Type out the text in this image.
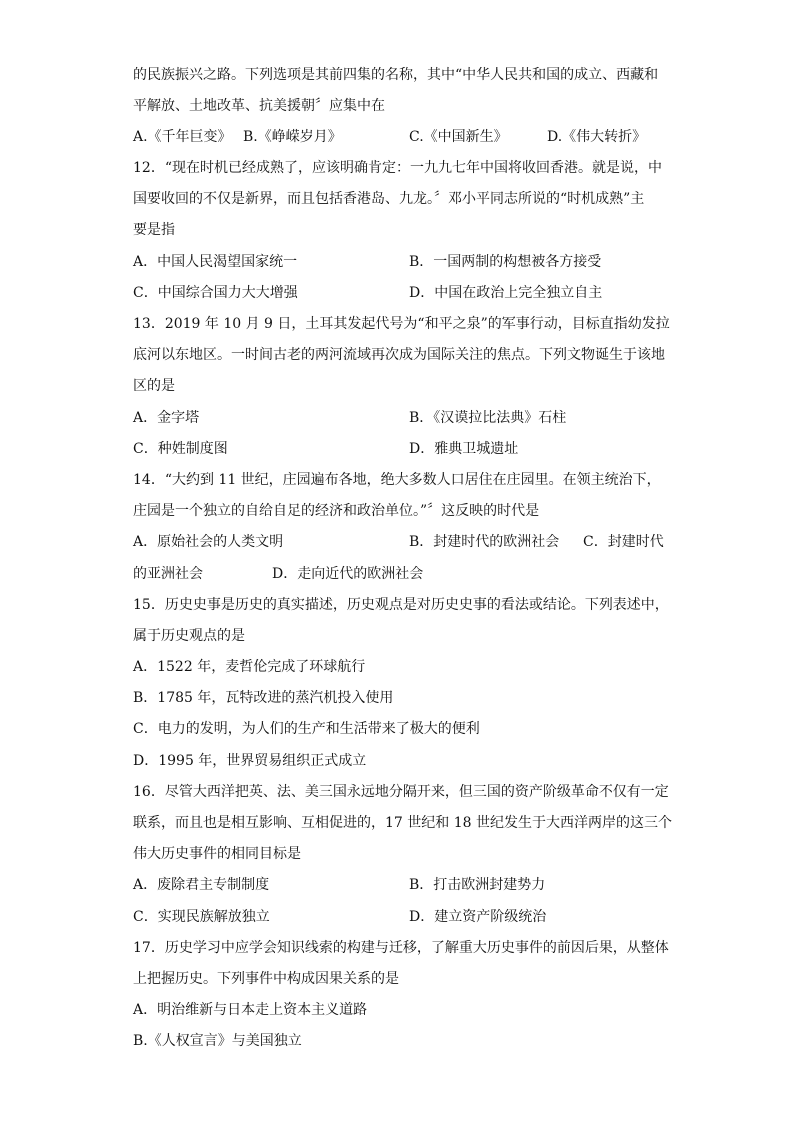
的民族振兴之路。下列选项是其前四集的名称，其中“中华人民共和国的成立、西藏和
平解放、土地改革、抗美援朝〞应集中在
A.《千年巨变》 B.《峥嵘岁月》	C.《中国新生》	D.《伟大转折》
12．“现在时机已经成熟了，应该明确肯定：一九九七年中国将收回香港。就是说，中
国要收回的不仅是新界，而且包括香港岛、九龙。〞邓小平同志所说的“时机成熟”主
要是指
A．中国人民渴望国家统一	B．一国两制的构想被各方接受
C．中国综合国力大大增强	D．中国在政治上完全独立自主
13．2019 年 10 月 9 日，土耳其发起代号为“和平之泉”的军事行动，目标直指幼发拉
底河以东地区。一时间古老的两河流域再次成为国际关注的焦点。下列文物诞生于该地
区的是
A．金字塔	B．《汉谟拉比法典》石柱
C．种姓制度图	D．雅典卫城遗址
14．“大约到 11 世纪，庄园遍布各地，绝大多数人口居住在庄园里。在领主统治下，
庄园是一个独立的自给自足的经济和政治单位。”〞这反映的时代是
A．原始社会的人类文明	B．封建时代的欧洲社会 C．封建时代
的亚洲社会	D．走向近代的欧洲社会
15．历史史事是历史的真实描述，历史观点是对历史史事的看法或结论。下列表述中，
属于历史观点的是
A．1522 年，麦哲伦完成了环球航行
B．1785 年，瓦特改进的蒸汽机投入使用
C．电力的发明，为人们的生产和生活带来了极大的便利
D．1995 年，世界贸易组织正式成立
16．尽管大西洋把英、法、美三国永远地分隔开来，但三国的资产阶级革命不仅有一定
联系，而且也是相互影响、互相促进的，17 世纪和 18 世纪发生于大西洋两岸的这三个
伟大历史事件的相同目标是
A．废除君主专制制度	B．打击欧洲封建势力
C．实现民族解放独立	D．建立资产阶级统治
17．历史学习中应学会知识线索的构建与迁移，了解重大历史事件的前因后果，从整体
上把握历史。下列事件中构成因果关系的是
A．明治维新与日本走上资本主义道路
B.《人权宣言》与美国独立
